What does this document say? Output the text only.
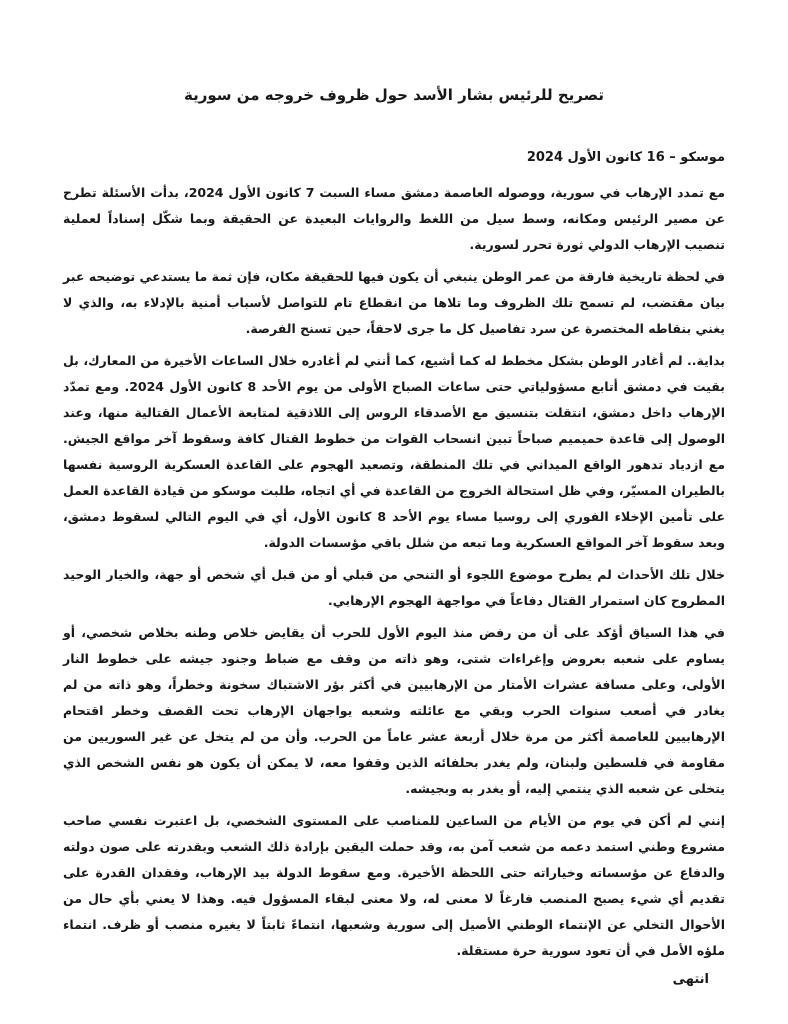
تصريح للرئيس بشار الأسد حول ظروف خروجه من سورية

موسكو – 16 كانون الأول 2024

مع تمدد الإرهاب في سورية، ووصوله العاصمة دمشق مساء السبت 7 كانون الأول 2024، بدأت الأسئلة تطرح عن مصير الرئيس ومكانه، وسط سيل من اللغط والروايات البعيدة عن الحقيقة وبما شكّل إسناداً لعملية تنصيب الإرهاب الدولي ثورة تحرر لسورية.

في لحظة تاريخية فارقة من عمر الوطن ينبغي أن يكون فيها للحقيقة مكان، فإن ثمة ما يستدعي توضيحه عبر بيان مقتضب، لم تسمح تلك الظروف وما تلاها من انقطاع تام للتواصل لأسباب أمنية بالإدلاء به، والذي لا يغني بنقاطه المختصرة عن سرد تفاصيل كل ما جرى لاحقاً، حين تسنح الفرصة.

بداية.. لم أغادر الوطن بشكل مخطط له كما أشيع، كما أنني لم أغادره خلال الساعات الأخيرة من المعارك، بل بقيت في دمشق أتابع مسؤولياتي حتى ساعات الصباح الأولى من يوم الأحد 8 كانون الأول 2024. ومع تمدّد الإرهاب داخل دمشق، انتقلت بتنسيق مع الأصدقاء الروس إلى اللاذقية لمتابعة الأعمال القتالية منها، وعند الوصول إلى قاعدة حميميم صباحاً تبين انسحاب القوات من خطوط القتال كافة وسقوط آخر مواقع الجيش. مع ازدياد تدهور الواقع الميداني في تلك المنطقة، وتصعيد الهجوم على القاعدة العسكرية الروسية نفسها بالطيران المسيّر، وفي ظل استحالة الخروج من القاعدة في أي اتجاه، طلبت موسكو من قيادة القاعدة العمل على تأمين الإخلاء الفوري إلى روسيا مساء يوم الأحد 8 كانون الأول، أي في اليوم التالي لسقوط دمشق، وبعد سقوط آخر المواقع العسكرية وما تبعه من شلل باقي مؤسسات الدولة.

خلال تلك الأحداث لم يطرح موضوع اللجوء أو التنحي من قبلي أو من قبل أي شخص أو جهة، والخيار الوحيد المطروح كان استمرار القتال دفاعاً في مواجهة الهجوم الإرهابي.

في هذا السياق أؤكد على أن من رفض منذ اليوم الأول للحرب أن يقايض خلاص وطنه بخلاص شخصي، أو يساوم على شعبه بعروض وإغراءات شتى، وهو ذاته من وقف مع ضباط وجنود جيشه على خطوط النار الأولى، وعلى مسافة عشرات الأمتار من الإرهابيين في أكثر بؤر الاشتباك سخونة وخطراً، وهو ذاته من لم يغادر في أصعب سنوات الحرب وبقي مع عائلته وشعبه يواجهان الإرهاب تحت القصف وخطر اقتحام الإرهابيين للعاصمة أكثر من مرة خلال أربعة عشر عاماً من الحرب. وأن من لم يتخل عن غير السوريين من مقاومة في فلسطين ولبنان، ولم يغدر بحلفائه الذين وقفوا معه، لا يمكن أن يكون هو نفس الشخص الذي يتخلى عن شعبه الذي ينتمي إليه، أو يغدر به وبجيشه.

إنني لم أكن في يوم من الأيام من الساعين للمناصب على المستوى الشخصي، بل اعتبرت نفسي صاحب مشروع وطني استمد دعمه من شعب آمن به، وقد حملت اليقين بإرادة ذلك الشعب وبقدرته على صون دولته والدفاع عن مؤسساته وخياراته حتى اللحظة الأخيرة. ومع سقوط الدولة بيد الإرهاب، وفقدان القدرة على تقديم أي شيء يصبح المنصب فارغاً لا معنى له، ولا معنى لبقاء المسؤول فيه. وهذا لا يعني بأي حال من الأحوال التخلي عن الإنتماء الوطني الأصيل إلى سورية وشعبها، انتماءً ثابتاً لا يغيره منصب أو ظرف. انتماء ملؤه الأمل في أن تعود سورية حرة مستقلة.

انتهى
